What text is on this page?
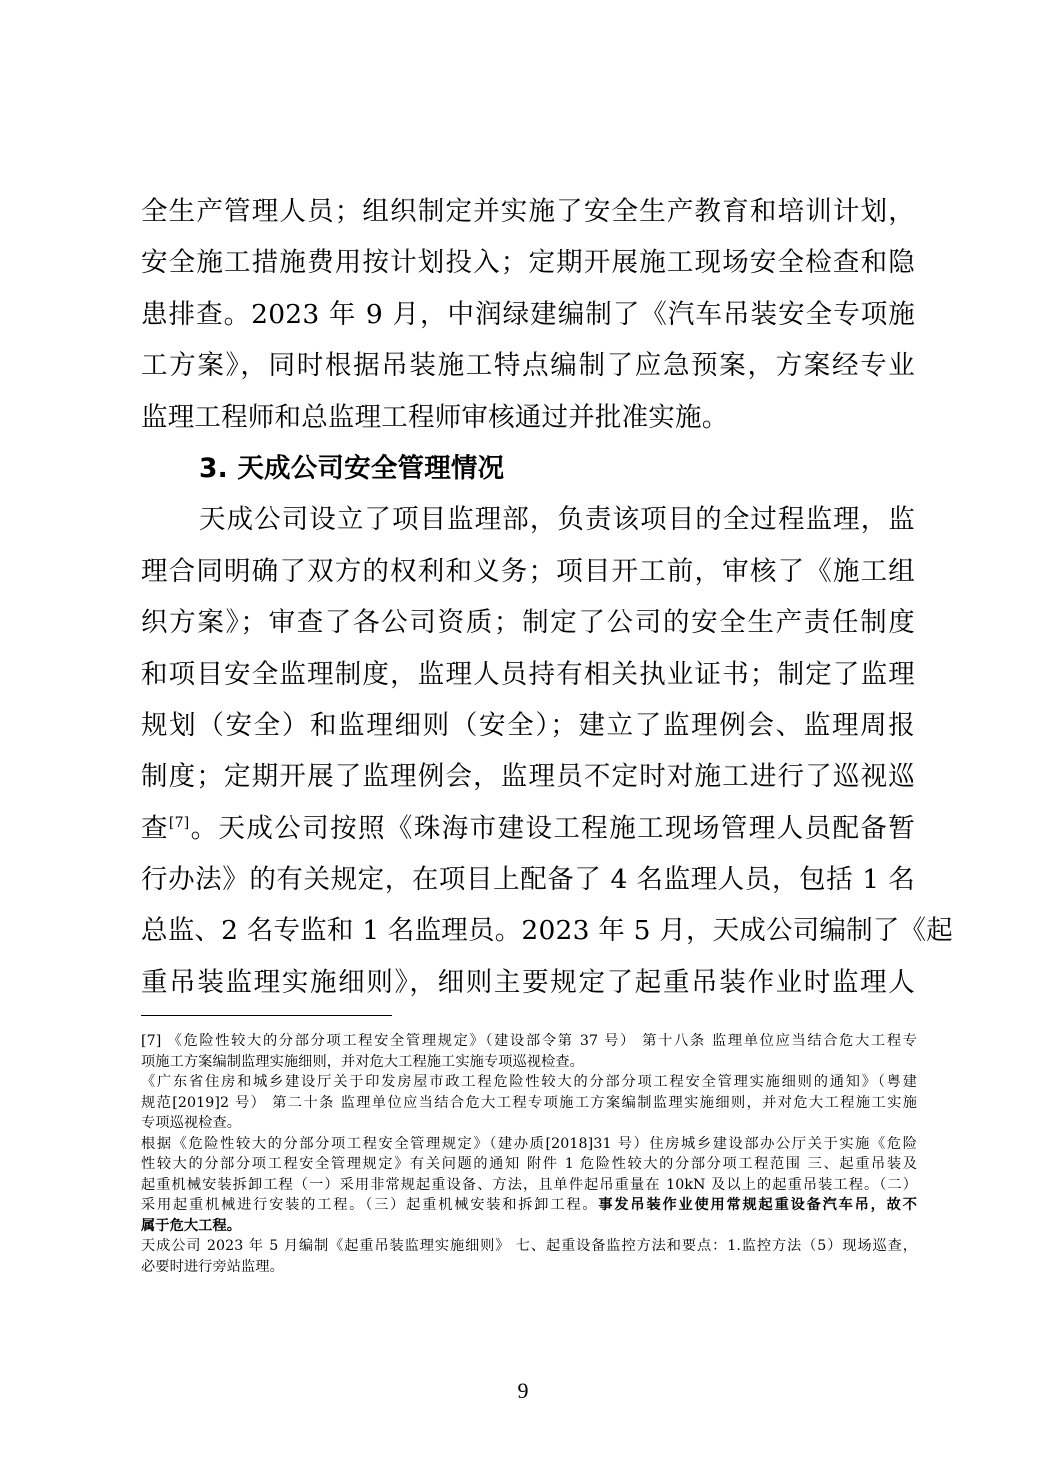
全生产管理人员；组织制定并实施了安全生产教育和培训计划，
安全施工措施费用按计划投入；定期开展施工现场安全检查和隐
患排查。2023 年 9 月，中润绿建编制了《汽车吊装安全专项施
工方案》，同时根据吊装施工特点编制了应急预案，方案经专业
监理工程师和总监理工程师审核通过并批准实施。
3. 天成公司安全管理情况
天成公司设立了项目监理部，负责该项目的全过程监理，监
理合同明确了双方的权利和义务；项目开工前，审核了《施工组
织方案》；审查了各公司资质；制定了公司的安全生产责任制度
和项目安全监理制度，监理人员持有相关执业证书；制定了监理
规划（安全）和监理细则（安全）；建立了监理例会、监理周报
制度；定期开展了监理例会，监理员不定时对施工进行了巡视巡
查[7]。天成公司按照《珠海市建设工程施工现场管理人员配备暂
行办法》的有关规定，在项目上配备了 4 名监理人员，包括 1 名
总监、2 名专监和 1 名监理员。2023 年 5 月，天成公司编制了《起
重吊装监理实施细则》，细则主要规定了起重吊装作业时监理人
[7] 《危险性较大的分部分项工程安全管理规定》（建设部令第 37 号） 第十八条 监理单位应当结合危大工程专
项施工方案编制监理实施细则，并对危大工程施工实施专项巡视检查。
《广东省住房和城乡建设厅关于印发房屋市政工程危险性较大的分部分项工程安全管理实施细则的通知》（粤建
规范[2019]2 号） 第二十条 监理单位应当结合危大工程专项施工方案编制监理实施细则，并对危大工程施工实施
专项巡视检查。
根据《危险性较大的分部分项工程安全管理规定》（建办质[2018]31 号）住房城乡建设部办公厅关于实施《危险
性较大的分部分项工程安全管理规定》有关问题的通知 附件 1 危险性较大的分部分项工程范围 三、起重吊装及
起重机械安装拆卸工程（一）采用非常规起重设备、方法，且单件起吊重量在 10kN 及以上的起重吊装工程。（二）
采用起重机械进行安装的工程。（三）起重机械安装和拆卸工程。事发吊装作业使用常规起重设备汽车吊，故不
属于危大工程。
天成公司 2023 年 5 月编制《起重吊装监理实施细则》 七、起重设备监控方法和要点：1.监控方法（5）现场巡查，
必要时进行旁站监理。
9
